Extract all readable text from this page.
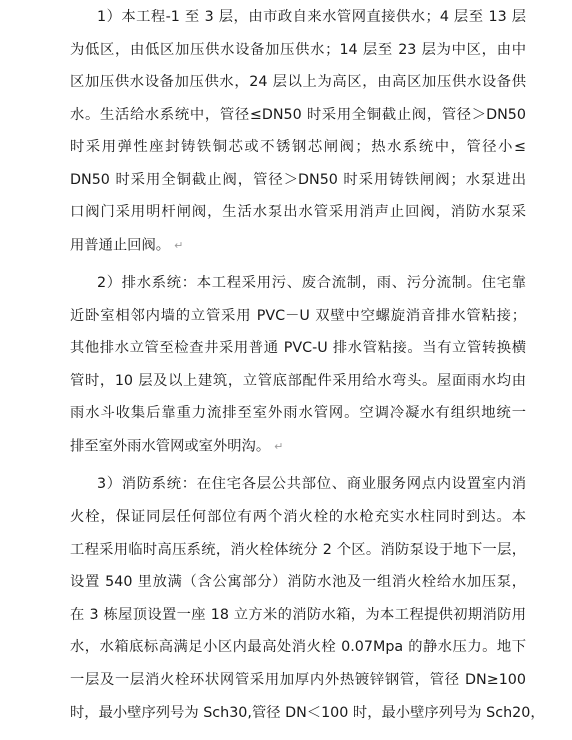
1）本工程-1 至 3 层，由市政自来水管网直接供水；4 层至 13 层
为低区，由低区加压供水设备加压供水；14 层至 23 层为中区，由中
区加压供水设备加压供水，24 层以上为高区，由高区加压供水设备供
水。生活给水系统中，管径≤DN50 时采用全铜截止阀，管径＞DN50
时采用弹性座封铸铁铜芯或不锈钢芯闸阀；热水系统中，管径小≤
DN50 时采用全铜截止阀，管径＞DN50 时采用铸铁闸阀；水泵进出
口阀门采用明杆闸阀，生活水泵出水管采用消声止回阀，消防水泵采
用普通止回阀。 ↵
2）排水系统：本工程采用污、废合流制，雨、污分流制。住宅靠
近卧室相邻内墙的立管采用 PVC－U 双壁中空螺旋消音排水管粘接；
其他排水立管至检查井采用普通 PVC-U 排水管粘接。当有立管转换横
管时，10 层及以上建筑，立管底部配件采用给水弯头。屋面雨水均由
雨水斗收集后靠重力流排至室外雨水管网。空调冷凝水有组织地统一
排至室外雨水管网或室外明沟。 ↵
3）消防系统：在住宅各层公共部位、商业服务网点内设置室内消
火栓，保证同层任何部位有两个消火栓的水枪充实水柱同时到达。本
工程采用临时高压系统，消火栓体统分 2 个区。消防泵设于地下一层，
设置 540 里放满（含公寓部分）消防水池及一组消火栓给水加压泵，
在 3 栋屋顶设置一座 18 立方米的消防水箱，为本工程提供初期消防用
水，水箱底标高满足小区内最高处消火栓 0.07Mpa 的静水压力。地下
一层及一层消火栓环状网管采用加厚内外热镀锌钢管，管径 DN≥100
时，最小壁序列号为 Sch30,管径 DN＜100 时，最小壁序列号为 Sch20，
